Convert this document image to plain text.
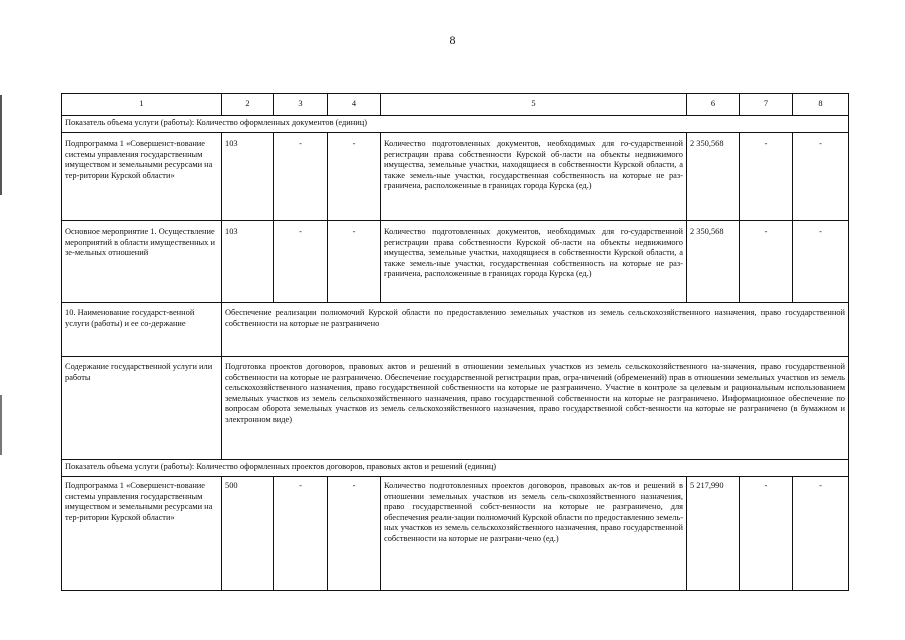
8
1	2	3	4	5	6	7	8
Показатель объема услуги (работы): Количество оформленных документов (единиц)							
Подпрограмма 1 «Совершенст-вование системы управления государственным имуществом и земельными ресурсами на тер-ритории Курской области»	103	-	-	Количество подготовленных документов, необходимых для го-сударственной регистрации права собственности Курской об-ласти на объекты недвижимого имущества, земельные участки, находящиеся в собственности Курской области, а также земель-ные участки, государственная собственность на которые не раз-граничена, расположенные в границах города Курска (ед.)	2 350,568	-	-
Основное мероприятие 1. Осуществление мероприятий в области имущественных и зе-мельных отношений	103	-	-	Количество подготовленных документов, необходимых для го-сударственной регистрации права собственности Курской об-ласти на объекты недвижимого имущества, земельные участки, находящиеся в собственности Курской области, а также земель-ные участки, государственная собственность на которые не раз-граничена, расположенные в границах города Курска (ед.)	2 350,568	-	-
10. Наименование государст-венной услуги (работы) и ее со-держание	Обеспечение реализации полномочий Курской области по предоставлению земельных участков из земель сельскохозяйственного назначения, право государственной собственности на которые не разграничено						
Содержание государственной услуги или работы	Подготовка проектов договоров, правовых актов и решений в отношении земельных участков из земель сельскохозяйственного на-значения, право государственной собственности на которые не разграничено. Обеспечение государственной регистрации прав, огра-ничений (обременений) прав в отношении земельных участков из земель сельскохозяйственного назначения, право государственной собственности на которые не разграничено. Участие в контроле за целевым и рациональным использованием земельных участков из земель сельскохозяйственного назначения, право государственной собственности на которые не разграничено. Информационное обеспечение по вопросам оборота земельных участков из земель сельскохозяйственного назначения, право государственной собст-венности на которые не разграничено (в бумажном и электронном виде)						
Показатель объема услуги (работы): Количество оформленных проектов договоров, правовых актов и решений (единиц)							
Подпрограмма 1 «Совершенст-вование системы управления государственным имуществом и земельными ресурсами на тер-ритории Курской области»	500	-	-	Количество подготовленных проектов договоров, правовых ак-тов и решений в отношении земельных участков из земель сель-скохозяйственного назначения, право государственной собст-венности на которые не разграничено, для обеспечения реали-зации полномочий Курской области по предоставлению земель-ных участков из земель сельскохозяйственного назначения, право государственной собственности на которые не разграни-чено (ед.)	5 217,990	-	-
